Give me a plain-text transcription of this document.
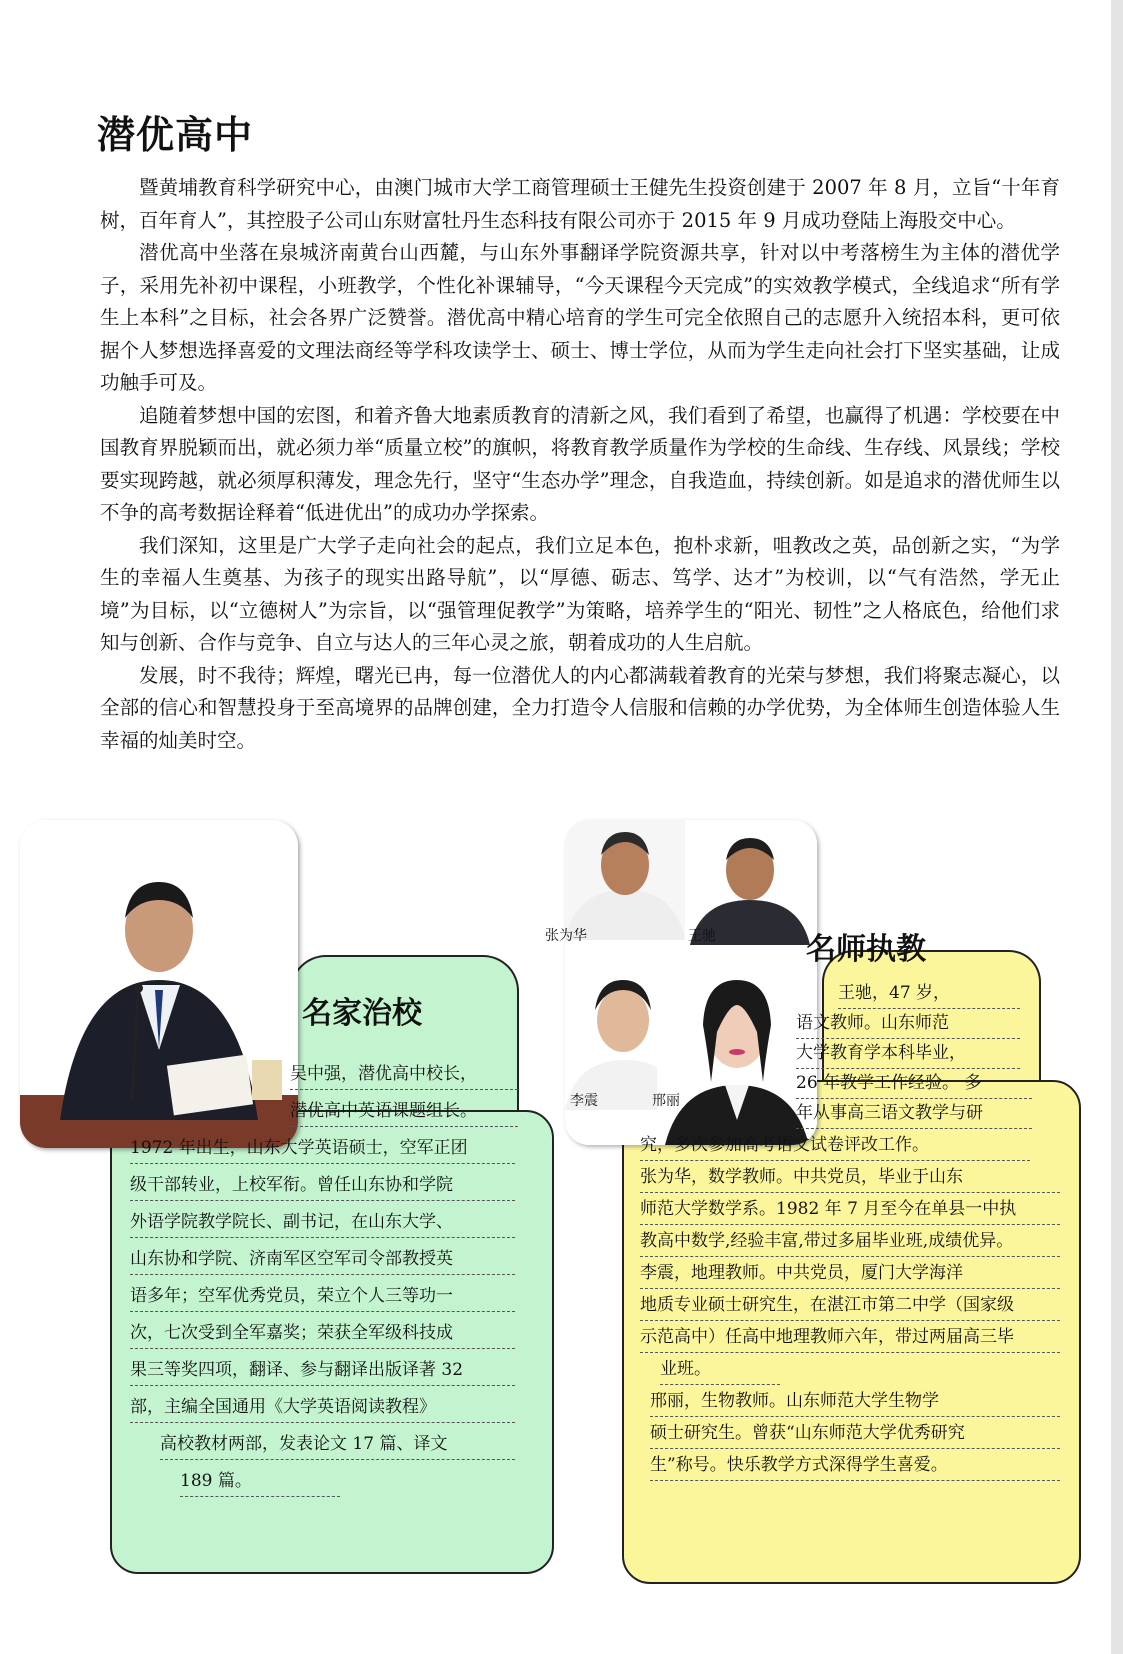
潜优高中

暨黄埔教育科学研究中心，由澳门城市大学工商管理硕士王健先生投资创建于 2007 年 8 月，立旨“十年育树，百年育人”，其控股子公司山东财富牡丹生态科技有限公司亦于 2015 年 9 月成功登陆上海股交中心。

潜优高中坐落在泉城济南黄台山西麓，与山东外事翻译学院资源共享，针对以中考落榜生为主体的潜优学子，采用先补初中课程，小班教学，个性化补课辅导，“今天课程今天完成”的实效教学模式，全线追求“所有学生上本科”之目标，社会各界广泛赞誉。潜优高中精心培育的学生可完全依照自己的志愿升入统招本科，更可依据个人梦想选择喜爱的文理法商经等学科攻读学士、硕士、博士学位，从而为学生走向社会打下坚实基础，让成功触手可及。

追随着梦想中国的宏图，和着齐鲁大地素质教育的清新之风，我们看到了希望，也赢得了机遇：学校要在中国教育界脱颖而出，就必须力举“质量立校”的旗帜，将教育教学质量作为学校的生命线、生存线、风景线；学校要实现跨越，就必须厚积薄发，理念先行，坚守“生态办学”理念，自我造血，持续创新。如是追求的潜优师生以不争的高考数据诠释着“低进优出”的成功办学探索。

我们深知，这里是广大学子走向社会的起点，我们立足本色，抱朴求新，咀教改之英，品创新之实，“为学生的幸福人生奠基、为孩子的现实出路导航”，以“厚德、砺志、笃学、达才”为校训，以“气有浩然，学无止境”为目标，以“立德树人”为宗旨，以“强管理促教学”为策略，培养学生的“阳光、韧性”之人格底色，给他们求知与创新、合作与竞争、自立与达人的三年心灵之旅，朝着成功的人生启航。

发展，时不我待；辉煌，曙光已冉，每一位潜优人的内心都满载着教育的光荣与梦想，我们将聚志凝心，以全部的信心和智慧投身于至高境界的品牌创建，全力打造令人信服和信赖的办学优势，为全体师生创造体验人生幸福的灿美时空。

张为华	王驰
李震	邢丽
名家治校
吴中强，潜优高中校长，
潜优高中英语课题组长。
1972 年出生，山东大学英语硕士，空军正团
级干部转业，上校军衔。曾任山东协和学院
外语学院教学院长、副书记，在山东大学、
山东协和学院、济南军区空军司令部教授英
语多年；空军优秀党员，荣立个人三等功一
次，七次受到全军嘉奖；荣获全军级科技成
果三等奖四项，翻译、参与翻译出版译著 32
部，主编全国通用《大学英语阅读教程》
高校教材两部，发表论文 17 篇、译文
189 篇。
名师执教
王驰，47 岁，
语文教师。山东师范
大学教育学本科毕业，
26 年教学工作经验。 多
年从事高三语文教学与研
究，多次参加高考语文试卷评改工作。
张为华，数学教师。中共党员，毕业于山东
师范大学数学系。1982 年 7 月至今在单县一中执
教高中数学,经验丰富,带过多届毕业班,成绩优异。
李震，地理教师。中共党员，厦门大学海洋
地质专业硕士研究生，在湛江市第二中学（国家级
示范高中）任高中地理教师六年，带过两届高三毕
业班。
邢丽，生物教师。山东师范大学生物学
硕士研究生。曾获“山东师范大学优秀研究
生”称号。快乐教学方式深得学生喜爱。
